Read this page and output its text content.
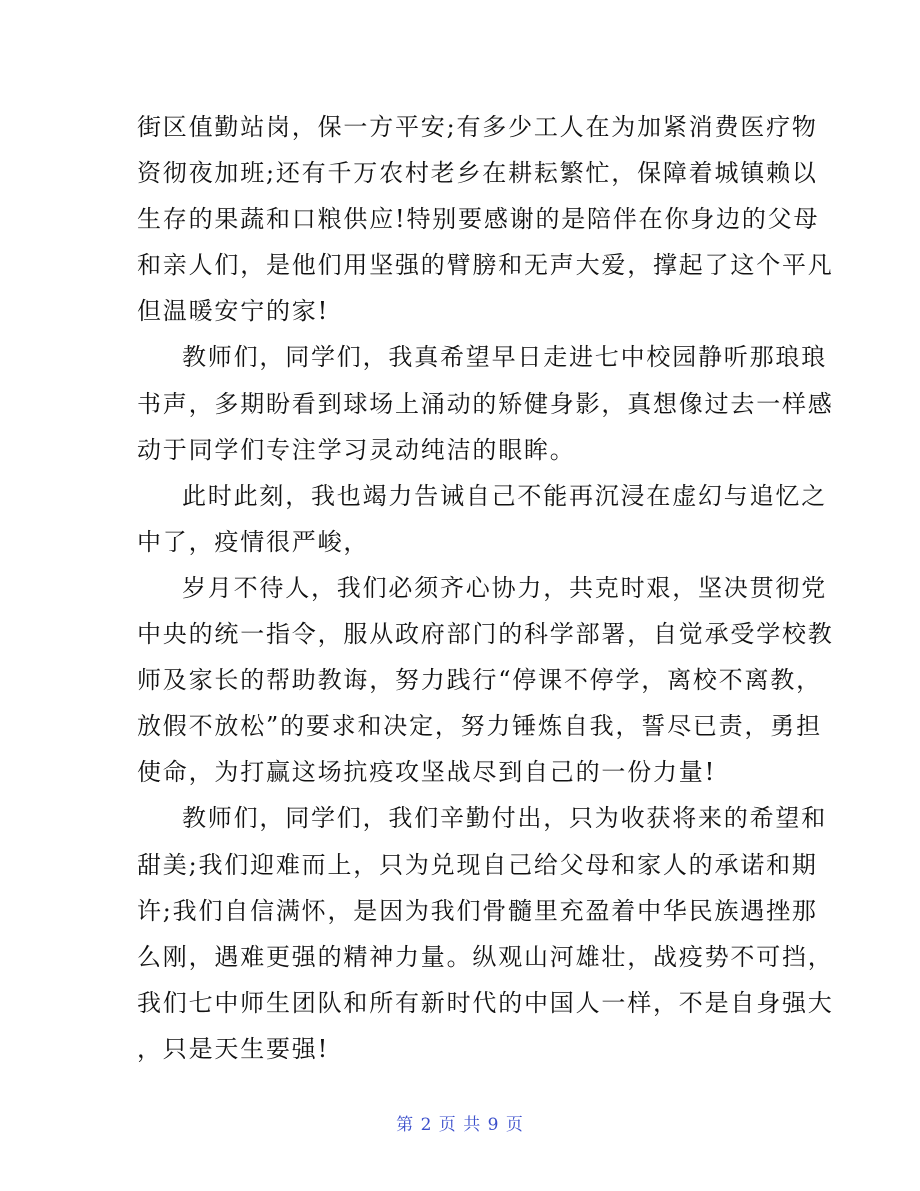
街区值勤站岗，保一方平安;有多少工人在为加紧消费医疗物
资彻夜加班;还有千万农村老乡在耕耘繁忙，保障着城镇赖以
生存的果蔬和口粮供应!特别要感谢的是陪伴在你身边的父母
和亲人们，是他们用坚强的臂膀和无声大爱，撑起了这个平凡
但温暖安宁的家!
教师们，同学们，我真希望早日走进七中校园静听那琅琅
书声，多期盼看到球场上涌动的矫健身影，真想像过去一样感
动于同学们专注学习灵动纯洁的眼眸。
此时此刻，我也竭力告诫自己不能再沉浸在虚幻与追忆之
中了，疫情很严峻，
岁月不待人，我们必须齐心协力，共克时艰，坚决贯彻党
中央的统一指令，服从政府部门的科学部署，自觉承受学校教
师及家长的帮助教诲，努力践行“停课不停学，离校不离教，
放假不放松”的要求和决定，努力锤炼自我，誓尽已责，勇担
使命，为打赢这场抗疫攻坚战尽到自己的一份力量!
教师们，同学们，我们辛勤付出，只为收获将来的希望和
甜美;我们迎难而上，只为兑现自己给父母和家人的承诺和期
许;我们自信满怀，是因为我们骨髓里充盈着中华民族遇挫那
么刚，遇难更强的精神力量。纵观山河雄壮，战疫势不可挡，
我们七中师生团队和所有新时代的中国人一样，不是自身强大
，只是天生要强!
第 2 页 共 9 页
